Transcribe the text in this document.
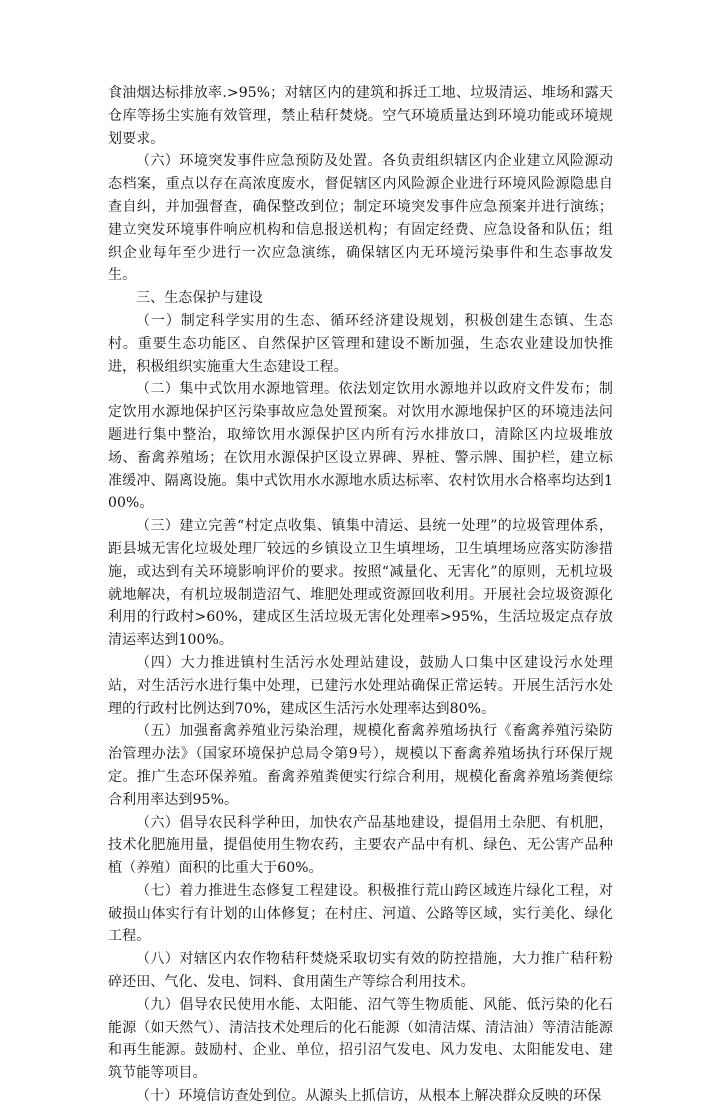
食油烟达标排放率.>95%；对辖区内的建筑和拆迁工地、垃圾清运、堆场和露天仓库等扬尘实施有效管理，禁止秸秆焚烧。空气环境质量达到环境功能或环境规划要求。

（六）环境突发事件应急预防及处置。各负责组织辖区内企业建立风险源动态档案，重点以存在高浓度废水，督促辖区内风险源企业进行环境风险源隐患自查自纠，并加强督查，确保整改到位；制定环境突发事件应急预案并进行演练；建立突发环境事件响应机构和信息报送机构；有固定经费、应急设备和队伍；组织企业每年至少进行一次应急演练，确保辖区内无环境污染事件和生态事故发生。

三、生态保护与建设

（一）制定科学实用的生态、循环经济建设规划，积极创建生态镇、生态村。重要生态功能区、自然保护区管理和建设不断加强，生态农业建设加快推进，积极组织实施重大生态建设工程。

（二）集中式饮用水源地管理。依法划定饮用水源地并以政府文件发布；制定饮用水源地保护区污染事故应急处置预案。对饮用水源地保护区的环境违法问题进行集中整治，取缔饮用水源保护区内所有污水排放口，清除区内垃圾堆放场、畜禽养殖场；在饮用水源保护区设立界碑、界桩、警示牌、围护栏，建立标准缓冲、隔离设施。集中式饮用水水源地水质达标率、农村饮用水合格率均达到100%。

（三）建立完善“村定点收集、镇集中清运、县统一处理”的垃圾管理体系，距县城无害化垃圾处理厂较远的乡镇设立卫生填埋场，卫生填埋场应落实防渗措施，或达到有关环境影响评价的要求。按照“减量化、无害化”的原则，无机垃圾就地解决，有机垃圾制造沼气、堆肥处理或资源回收利用。开展社会垃圾资源化利用的行政村>60%，建成区生活垃圾无害化处理率>95%，生活垃圾定点存放清运率达到100%。

（四）大力推进镇村生活污水处理站建设，鼓励人口集中区建设污水处理站，对生活污水进行集中处理，已建污水处理站确保正常运转。开展生活污水处理的行政村比例达到70%，建成区生活污水处理率达到80%。

（五）加强畜禽养殖业污染治理，规模化畜禽养殖场执行《畜禽养殖污染防治管理办法》（国家环境保护总局令第9号），规模以下畜禽养殖场执行环保厅规定。推广生态环保养殖。畜禽养殖粪便实行综合利用，规模化畜禽养殖场粪便综合利用率达到95%。

（六）倡导农民科学种田，加快农产品基地建设，提倡用土杂肥、有机肥，技术化肥施用量，提倡使用生物农药，主要农产品中有机、绿色、无公害产品种植（养殖）面积的比重大于60%。

（七）着力推进生态修复工程建设。积极推行荒山跨区域连片绿化工程，对破损山体实行有计划的山体修复；在村庄、河道、公路等区域，实行美化、绿化工程。

（八）对辖区内农作物秸秆焚烧采取切实有效的防控措施，大力推广秸秆粉碎还田、气化、发电、饲料、食用菌生产等综合利用技术。

（九）倡导农民使用水能、太阳能、沼气等生物质能、风能、低污染的化石能源（如天然气）、清洁技术处理后的化石能源（如清洁煤、清洁油）等清洁能源和再生能源。鼓励村、企业、单位，招引沼气发电、风力发电、太阳能发电、建筑节能等项目。

（十）环境信访查处到位。从源头上抓信访，从根本上解决群众反映的环保
